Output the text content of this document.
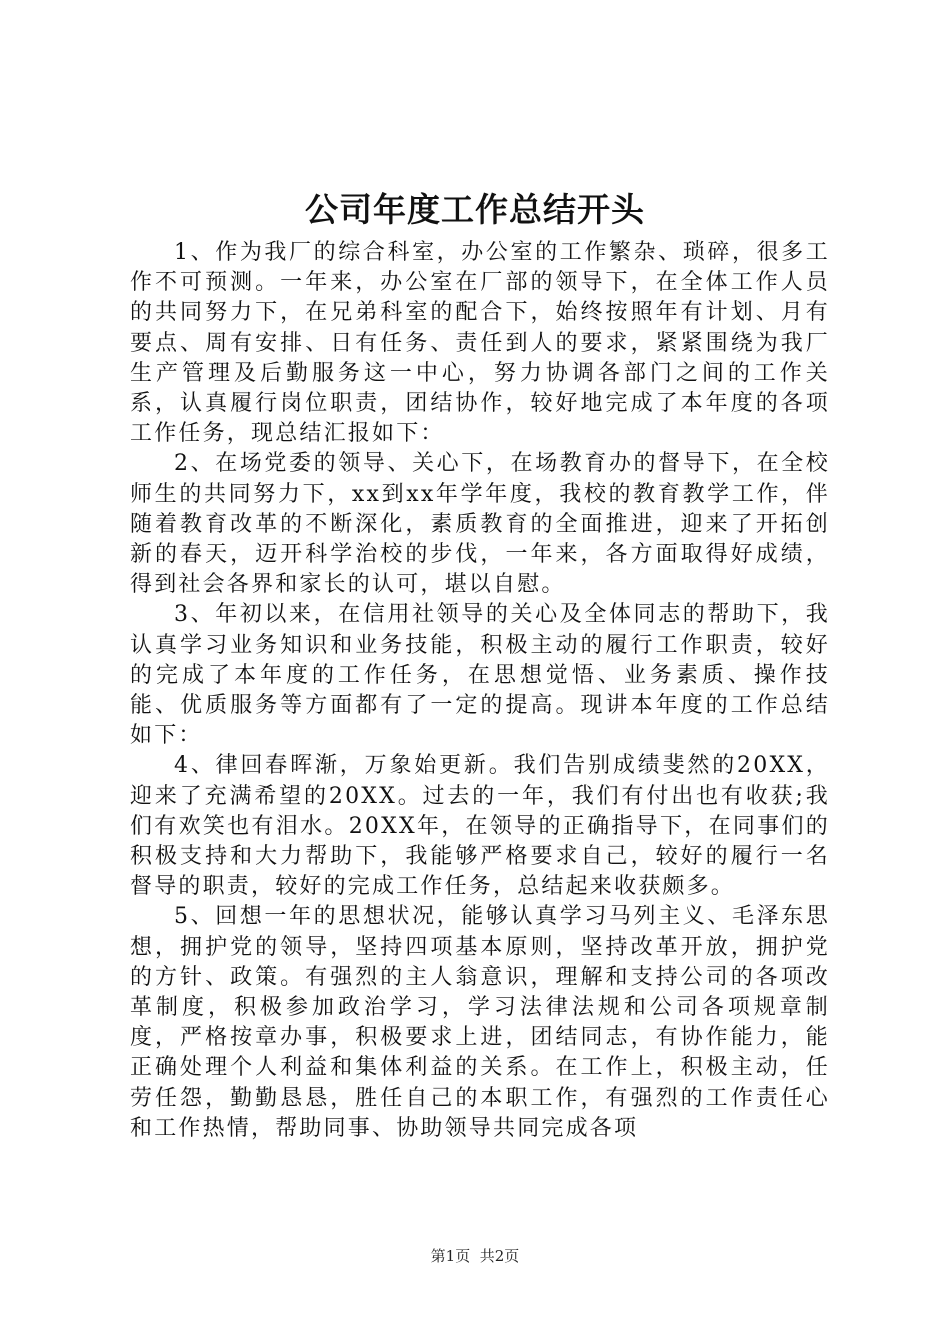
公司年度工作总结开头

1、作为我厂的综合科室，办公室的工作繁杂、琐碎，很多工作不可预测。一年来，办公室在厂部的领导下，在全体工作人员的共同努力下，在兄弟科室的配合下，始终按照年有计划、月有要点、周有安排、日有任务、责任到人的要求，紧紧围绕为我厂生产管理及后勤服务这一中心，努力协调各部门之间的工作关系，认真履行岗位职责，团结协作，较好地完成了本年度的各项工作任务，现总结汇报如下：

2、在场党委的领导、关心下，在场教育办的督导下，在全校师生的共同努力下，xx到xx年学年度，我校的教育教学工作，伴随着教育改革的不断深化，素质教育的全面推进，迎来了开拓创新的春天，迈开科学治校的步伐，一年来，各方面取得好成绩，得到社会各界和家长的认可，堪以自慰。

3、年初以来，在信用社领导的关心及全体同志的帮助下，我认真学习业务知识和业务技能，积极主动的履行工作职责，较好的完成了本年度的工作任务，在思想觉悟、业务素质、操作技能、优质服务等方面都有了一定的提高。现讲本年度的工作总结如下：

4、律回春晖渐，万象始更新。我们告别成绩斐然的20XX，迎来了充满希望的20XX。过去的一年，我们有付出也有收获;我们有欢笑也有泪水。20XX年，在领导的正确指导下，在同事们的积极支持和大力帮助下，我能够严格要求自己，较好的履行一名督导的职责，较好的完成工作任务，总结起来收获颇多。

5、回想一年的思想状况，能够认真学习马列主义、毛泽东思想，拥护党的领导，坚持四项基本原则，坚持改革开放，拥护党的方针、政策。有强烈的主人翁意识，理解和支持公司的各项改革制度，积极参加政治学习，学习法律法规和公司各项规章制度，严格按章办事，积极要求上进，团结同志，有协作能力，能正确处理个人利益和集体利益的关系。在工作上，积极主动，任劳任怨，勤勤恳恳，胜任自己的本职工作，有强烈的工作责任心和工作热情，帮助同事、协助领导共同完成各项

第1页 共2页
